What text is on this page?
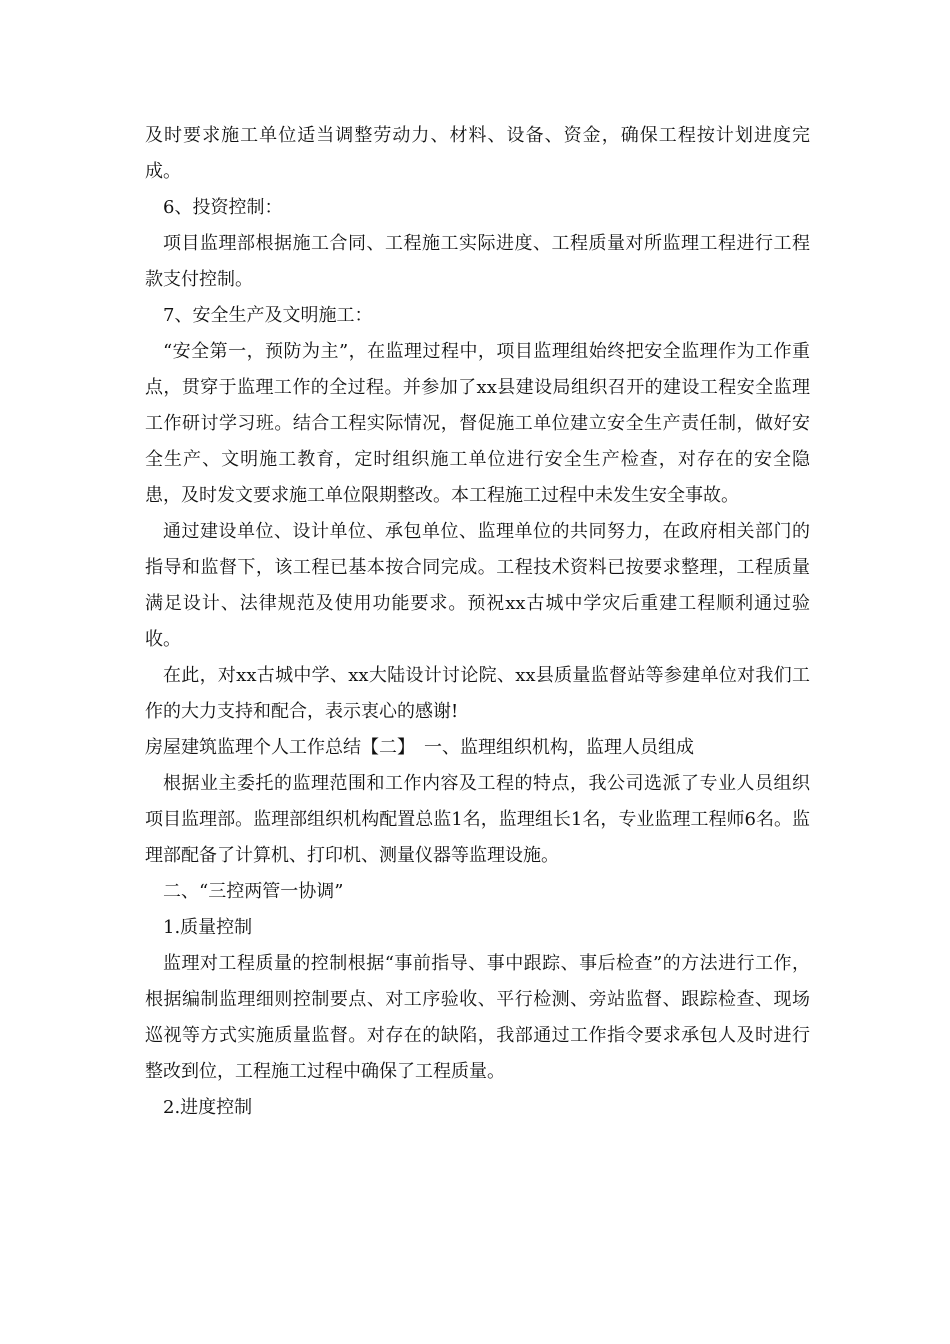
及时要求施工单位适当调整劳动力、材料、设备、资金，确保工程按计划进度完成。

6、投资控制：

项目监理部根据施工合同、工程施工实际进度、工程质量对所监理工程进行工程款支付控制。

7、安全生产及文明施工：

“安全第一，预防为主”，在监理过程中，项目监理组始终把安全监理作为工作重点，贯穿于监理工作的全过程。并参加了xx县建设局组织召开的建设工程安全监理工作研讨学习班。结合工程实际情况，督促施工单位建立安全生产责任制，做好安全生产、文明施工教育，定时组织施工单位进行安全生产检查，对存在的安全隐患，及时发文要求施工单位限期整改。本工程施工过程中未发生安全事故。

通过建设单位、设计单位、承包单位、监理单位的共同努力，在政府相关部门的指导和监督下，该工程已基本按合同完成。工程技术资料已按要求整理，工程质量满足设计、法律规范及使用功能要求。预祝xx古城中学灾后重建工程顺利通过验收。

在此，对xx古城中学、xx大陆设计讨论院、xx县质量监督站等参建单位对我们工作的大力支持和配合，表示衷心的感谢!

房屋建筑监理个人工作总结【二】　一、监理组织机构，监理人员组成

根据业主委托的监理范围和工作内容及工程的特点，我公司选派了专业人员组织项目监理部。监理部组织机构配置总监1名，监理组长1名，专业监理工程师6名。监理部配备了计算机、打印机、测量仪器等监理设施。

二、“三控两管一协调”

1.质量控制

监理对工程质量的控制根据“事前指导、事中跟踪、事后检查”的方法进行工作，根据编制监理细则控制要点、对工序验收、平行检测、旁站监督、跟踪检查、现场巡视等方式实施质量监督。对存在的缺陷，我部通过工作指令要求承包人及时进行整改到位，工程施工过程中确保了工程质量。

2.进度控制
